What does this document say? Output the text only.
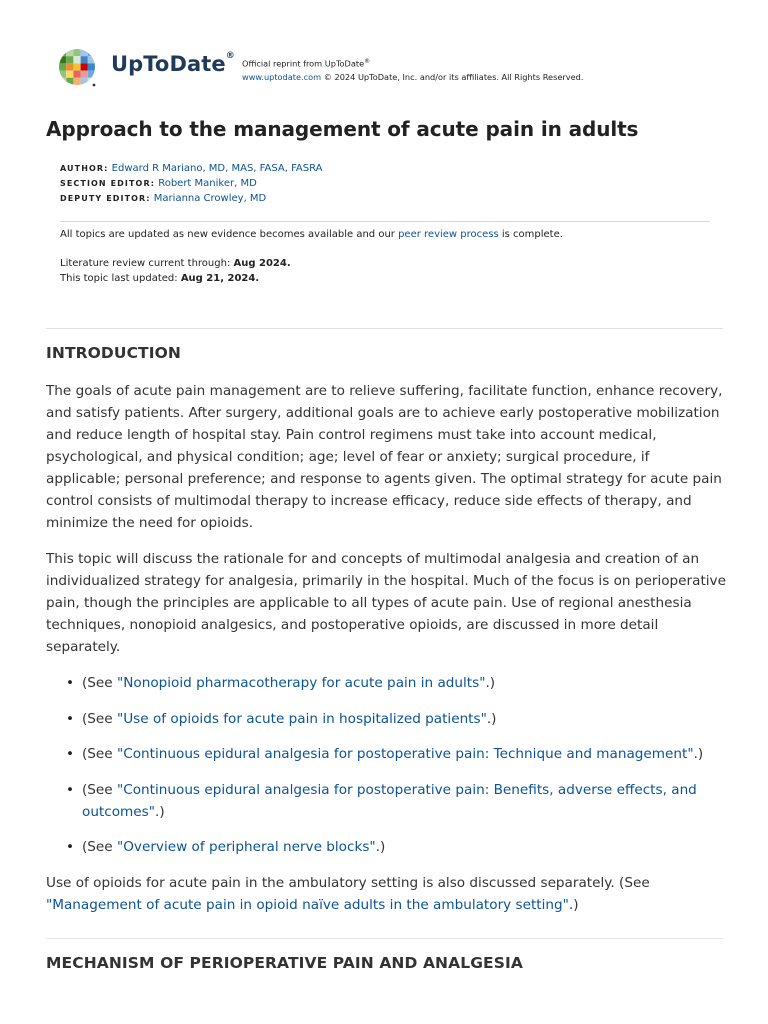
UpToDate®
Official reprint from UpToDate®
www.uptodate.com © 2024 UpToDate, Inc. and/or its affiliates. All Rights Reserved.
Approach to the management of acute pain in adults
AUTHOR: Edward R Mariano, MD, MAS, FASA, FASRA
SECTION EDITOR: Robert Maniker, MD
DEPUTY EDITOR: Marianna Crowley, MD
All topics are updated as new evidence becomes available and our peer review process is complete.
Literature review current through: Aug 2024.
This topic last updated: Aug 21, 2024.
INTRODUCTION

The goals of acute pain management are to relieve suffering, facilitate function, enhance recovery, and satisfy patients. After surgery, additional goals are to achieve early postoperative mobilization and reduce length of hospital stay. Pain control regimens must take into account medical, psychological, and physical condition; age; level of fear or anxiety; surgical procedure, if applicable; personal preference; and response to agents given. The optimal strategy for acute pain control consists of multimodal therapy to increase efficacy, reduce side effects of therapy, and minimize the need for opioids.

This topic will discuss the rationale for and concepts of multimodal analgesia and creation of an individualized strategy for analgesia, primarily in the hospital. Much of the focus is on perioperative pain, though the principles are applicable to all types of acute pain. Use of regional anesthesia techniques, nonopioid analgesics, and postoperative opioids, are discussed in more detail separately.

• (See "Nonopioid pharmacotherapy for acute pain in adults".)
• (See "Use of opioids for acute pain in hospitalized patients".)
• (See "Continuous epidural analgesia for postoperative pain: Technique and management".)
• (See "Continuous epidural analgesia for postoperative pain: Benefits, adverse effects, and outcomes".)
• (See "Overview of peripheral nerve blocks".)

Use of opioids for acute pain in the ambulatory setting is also discussed separately. (See "Management of acute pain in opioid naïve adults in the ambulatory setting".)

MECHANISM OF PERIOPERATIVE PAIN AND ANALGESIA
